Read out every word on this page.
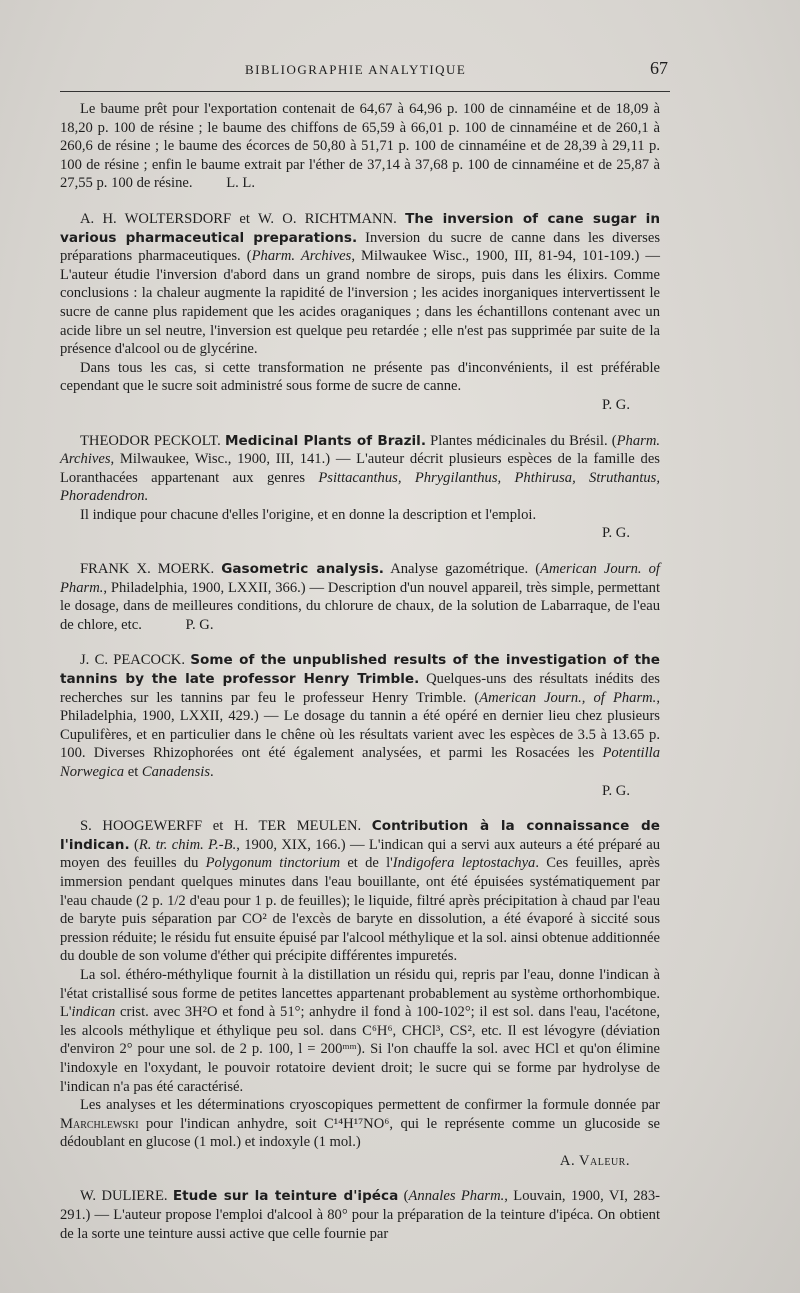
BIBLIOGRAPHIE ANALYTIQUE	67

Le baume prêt pour l'exportation contenait de 64,67 à 64,96 p. 100 de cinnaméine et de 18,09 à 18,20 p. 100 de résine ; le baume des chiffons de 65,59 à 66,01 p. 100 de cinnaméine et de 260,1 à 260,6 de résine ; le baume des écorces de 50,80 à 51,71 p. 100 de cinnaméine et de 28,39 à 29,11 p. 100 de résine ; enfin le baume extrait par l'éther de 37,14 à 37,68 p. 100 de cinnaméine et de 25,87 à 27,55 p. 100 de résine. L. L.

A. H. WOLTERSDORF et W. O. RICHTMANN. The inversion of cane sugar in various pharmaceutical preparations. Inversion du sucre de canne dans les diverses préparations pharmaceutiques. (Pharm. Archives, Milwaukee Wisc., 1900, III, 81-94, 101-109.) — L'auteur étudie l'inversion d'abord dans un grand nombre de sirops, puis dans les élixirs. Comme conclusions : la chaleur augmente la rapidité de l'inversion ; les acides inorganiques intervertissent le sucre de canne plus rapidement que les acides oraganiques ; dans les échantillons contenant avec un acide libre un sel neutre, l'inversion est quelque peu retardée ; elle n'est pas supprimée par suite de la présence d'alcool ou de glycérine.

Dans tous les cas, si cette transformation ne présente pas d'inconvénients, il est préférable cependant que le sucre soit administré sous forme de sucre de canne.

P. G.

THEODOR PECKOLT. Medicinal Plants of Brazil. Plantes médicinales du Brésil. (Pharm. Archives, Milwaukee, Wisc., 1900, III, 141.) — L'auteur décrit plusieurs espèces de la famille des Loranthacées appartenant aux genres Psittacanthus, Phrygilanthus, Phthirusa, Struthantus, Phoradendron.

Il indique pour chacune d'elles l'origine, et en donne la description et l'emploi.

P. G.

FRANK X. MOERK. Gasometric analysis. Analyse gazométrique. (American Journ. of Pharm., Philadelphia, 1900, LXXII, 366.) — Description d'un nouvel appareil, très simple, permettant le dosage, dans de meilleures conditions, du chlorure de chaux, de la solution de Labarraque, de l'eau de chlore, etc.	P. G.

J. C. PEACOCK. Some of the unpublished results of the investigation of the tannins by the late professor Henry Trimble. Quelques-uns des résultats inédits des recherches sur les tannins par feu le professeur Henry Trimble. (American Journ., of Pharm., Philadelphia, 1900, LXXII, 429.) — Le dosage du tannin a été opéré en dernier lieu chez plusieurs Cupulifères, et en particulier dans le chêne où les résultats varient avec les espèces de 3.5 à 13.65 p. 100. Diverses Rhizophorées ont été également analysées, et parmi les Rosacées les Potentilla Norwegica et Canadensis.

P. G.

S. HOOGEWERFF et H. TER MEULEN. Contribution à la connaissance de l'indican. (R. tr. chim. P.-B., 1900, XIX, 166.) — L'indican qui a servi aux auteurs a été préparé au moyen des feuilles du Polygonum tinctorium et de l'Indigofera leptostachya. Ces feuilles, après immersion pendant quelques minutes dans l'eau bouillante, ont été épuisées systématiquement par l'eau chaude (2 p. 1/2 d'eau pour 1 p. de feuilles); le liquide, filtré après précipitation à chaud par l'eau de baryte puis séparation par CO² de l'excès de baryte en dissolution, a été évaporé à siccité sous pression réduite; le résidu fut ensuite épuisé par l'alcool méthylique et la sol. ainsi obtenue additionnée du double de son volume d'éther qui précipite différentes impuretés.

La sol. éthéro-méthylique fournit à la distillation un résidu qui, repris par l'eau, donne l'indican à l'état cristallisé sous forme de petites lancettes appartenant probablement au système orthorhombique. L'indican crist. avec 3H²O et fond à 51°; anhydre il fond à 100-102°; il est sol. dans l'eau, l'acétone, les alcools méthylique et éthylique peu sol. dans C⁶H⁶, CHCl³, CS², etc. Il est lévogyre (déviation d'environ 2° pour une sol. de 2 p. 100, l = 200ᵐᵐ). Si l'on chauffe la sol. avec HCl et qu'on élimine l'indoxyle en l'oxydant, le pouvoir rotatoire devient droit; le sucre qui se forme par hydrolyse de l'indican n'a pas été caractérisé.

Les analyses et les déterminations cryoscopiques permettent de confirmer la formule donnée par Marchlewski pour l'indican anhydre, soit C¹⁴H¹⁷NO⁶, qui le représente comme un glucoside se dédoublant en glucose (1 mol.) et indoxyle (1 mol.)

A. Valeur.

W. DULIERE. Etude sur la teinture d'ipéca (Annales Pharm., Louvain, 1900, VI, 283-291.) — L'auteur propose l'emploi d'alcool à 80° pour la préparation de la teinture d'ipéca. On obtient de la sorte une teinture aussi active que celle fournie par
